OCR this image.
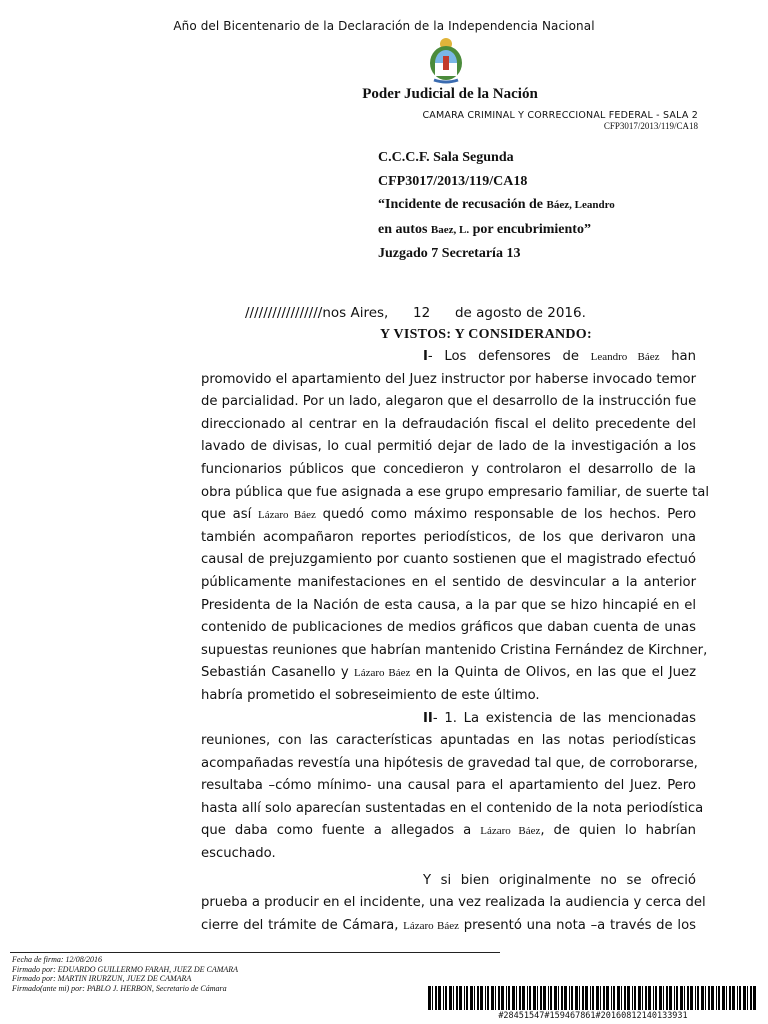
Año del Bicentenario de la Declaración de la Independencia Nacional
Poder Judicial de la Nación
CAMARA CRIMINAL Y CORRECCIONAL FEDERAL - SALA 2
CFP3017/2013/119/CA18
C.C.C.F. Sala Segunda
CFP3017/2013/119/CA18
“Incidente de recusación de Báez, Leandro
en autos Baez, L. por encubrimiento”
Juzgado 7 Secretaría 13
/////////////////nos Aires, 12 de agosto de 2016.
Y VISTOS: Y CONSIDERANDO:
I- Los defensores de Leandro Báez han
promovido el apartamiento del Juez instructor por haberse invocado temor
de parcialidad. Por un lado, alegaron que el desarrollo de la instrucción fue
direccionado al centrar en la defraudación fiscal el delito precedente del
lavado de divisas, lo cual permitió dejar de lado de la investigación a los
funcionarios públicos que concedieron y controlaron el desarrollo de la
obra pública que fue asignada a ese grupo empresario familiar, de suerte tal
que así Lázaro Báez quedó como máximo responsable de los hechos. Pero
también acompañaron reportes periodísticos, de los que derivaron una
causal de prejuzgamiento por cuanto sostienen que el magistrado efectuó
públicamente manifestaciones en el sentido de desvincular a la anterior
Presidenta de la Nación de esta causa, a la par que se hizo hincapié en el
contenido de publicaciones de medios gráficos que daban cuenta de unas
supuestas reuniones que habrían mantenido Cristina Fernández de Kirchner,
Sebastián Casanello y Lázaro Báez en la Quinta de Olivos, en las que el Juez
habría prometido el sobreseimiento de este último.
II- 1. La existencia de las mencionadas
reuniones, con las características apuntadas en las notas periodísticas
acompañadas revestía una hipótesis de gravedad tal que, de corroborarse,
resultaba –cómo mínimo- una causal para el apartamiento del Juez. Pero
hasta allí solo aparecían sustentadas en el contenido de la nota periodística
que daba como fuente a allegados a Lázaro Báez, de quien lo habrían
escuchado.
Y si bien originalmente no se ofreció
prueba a producir en el incidente, una vez realizada la audiencia y cerca del
cierre del trámite de Cámara, Lázaro Báez presentó una nota –a través de los
Fecha de firma: 12/08/2016
Firmado por: EDUARDO GUILLERMO FARAH, JUEZ DE CAMARA
Firmado por: MARTIN IRURZUN, JUEZ DE CAMARA
Firmado(ante mi) por: PABLO J. HERBON, Secretario de Cámara
#28451547#159467861#20160812140133931
